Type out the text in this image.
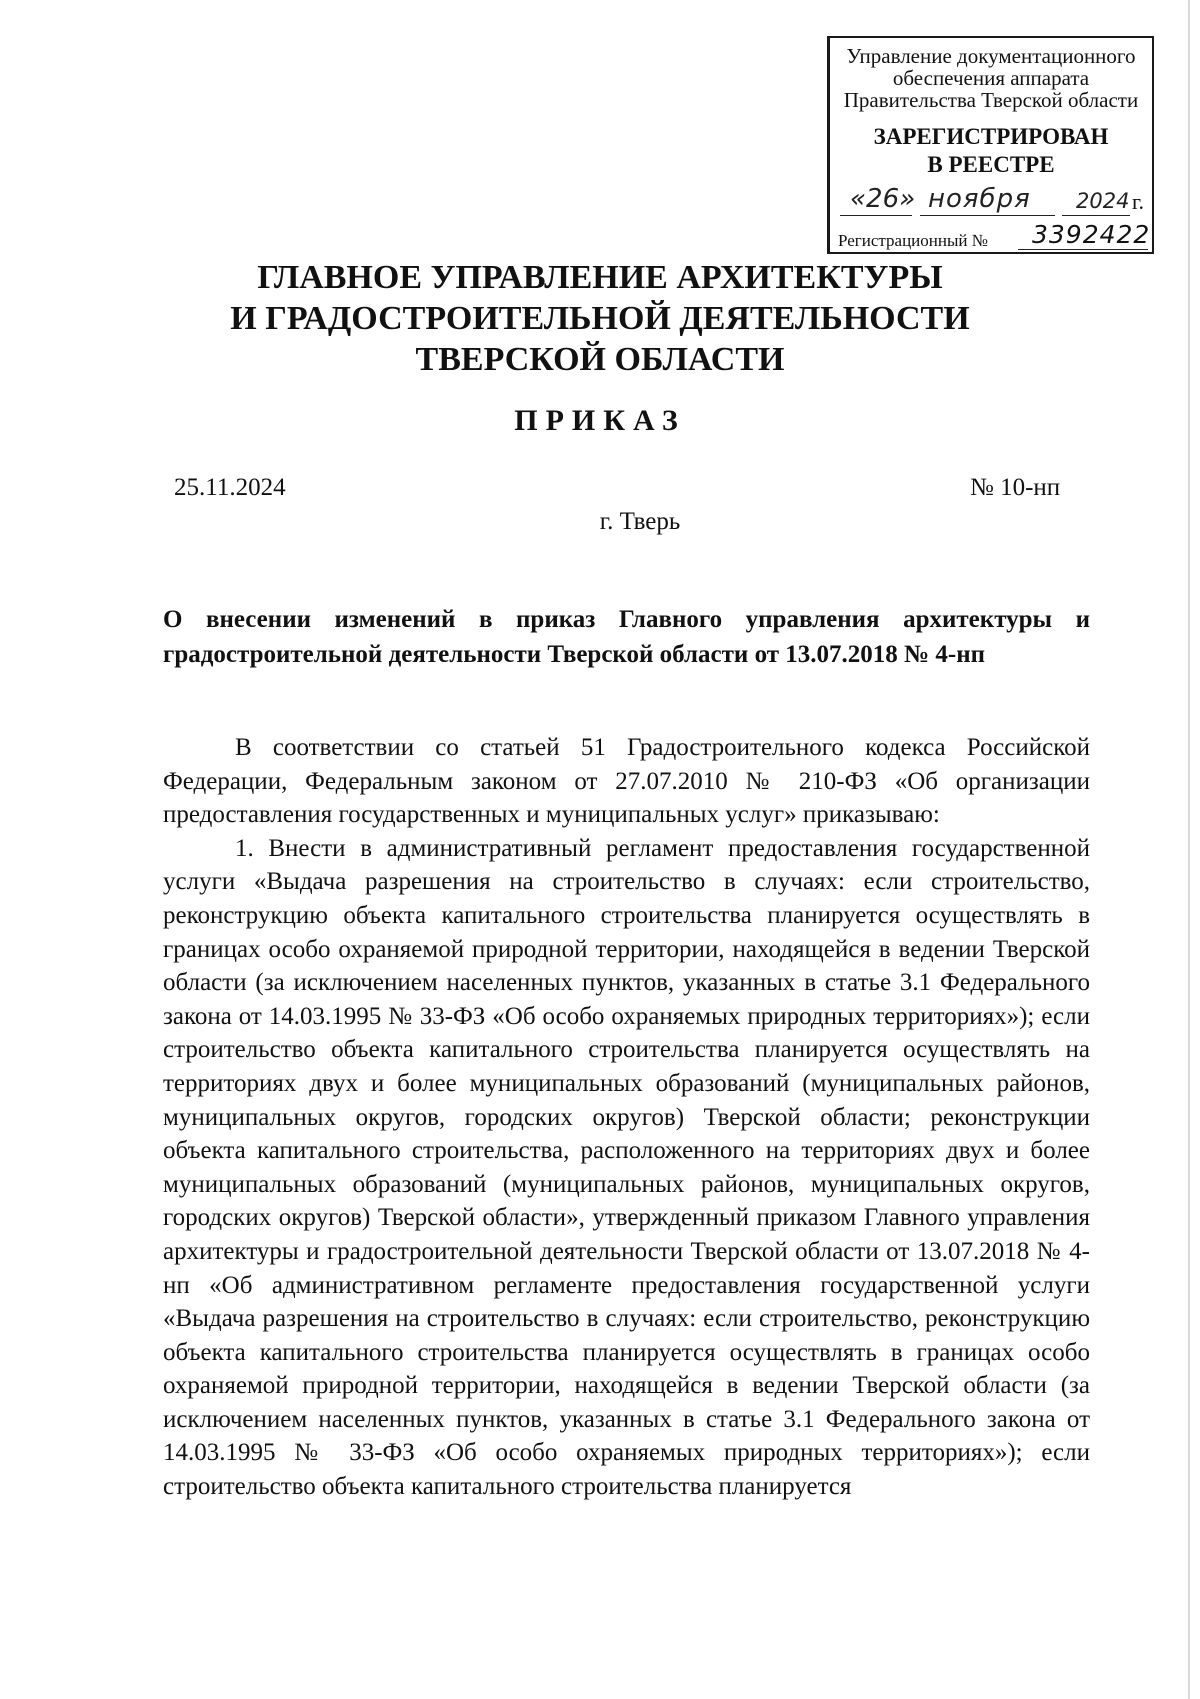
Управление документационного
обеспечения аппарата
Правительства Тверской области
ЗАРЕГИСТРИРОВАН
В РЕЕСТРЕ
«26» ноября 2024 г.
Регистрационный № 3392422
ГЛАВНОЕ УПРАВЛЕНИЕ АРХИТЕКТУРЫ
И ГРАДОСТРОИТЕЛЬНОЙ ДЕЯТЕЛЬНОСТИ
ТВЕРСКОЙ ОБЛАСТИ
ПРИКАЗ
25.11.2024	№ 10-нп
г. Тверь
О внесении изменений в приказ Главного управления архитектуры и градостроительной деятельности Тверской области от 13.07.2018 № 4-нп

В соответствии со статьей 51 Градостроительного кодекса Российской Федерации, Федеральным законом от 27.07.2010 № 210-ФЗ «Об организации предоставления государственных и муниципальных услуг» приказываю:

1. Внести в административный регламент предоставления государственной услуги «Выдача разрешения на строительство в случаях: если строительство, реконструкцию объекта капитального строительства планируется осуществлять в границах особо охраняемой природной территории, находящейся в ведении Тверской области (за исключением населенных пунктов, указанных в статье 3.1 Федерального закона от 14.03.1995 № 33-ФЗ «Об особо охраняемых природных территориях»); если строительство объекта капитального строительства планируется осуществлять на территориях двух и более муниципальных образований (муниципальных районов, муниципальных округов, городских округов) Тверской области; реконструкции объекта капитального строительства, расположенного на территориях двух и более муниципальных образований (муниципальных районов, муниципальных округов, городских округов) Тверской области», утвержденный приказом Главного управления архитектуры и градостроительной деятельности Тверской области от 13.07.2018 № 4-нп «Об административном регламенте предоставления государственной услуги «Выдача разрешения на строительство в случаях: если строительство, реконструкцию объекта капитального строительства планируется осуществлять в границах особо охраняемой природной территории, находящейся в ведении Тверской области (за исключением населенных пунктов, указанных в статье 3.1 Федерального закона от 14.03.1995 № 33-ФЗ «Об особо охраняемых природных территориях»); если строительство объекта капитального строительства планируется
